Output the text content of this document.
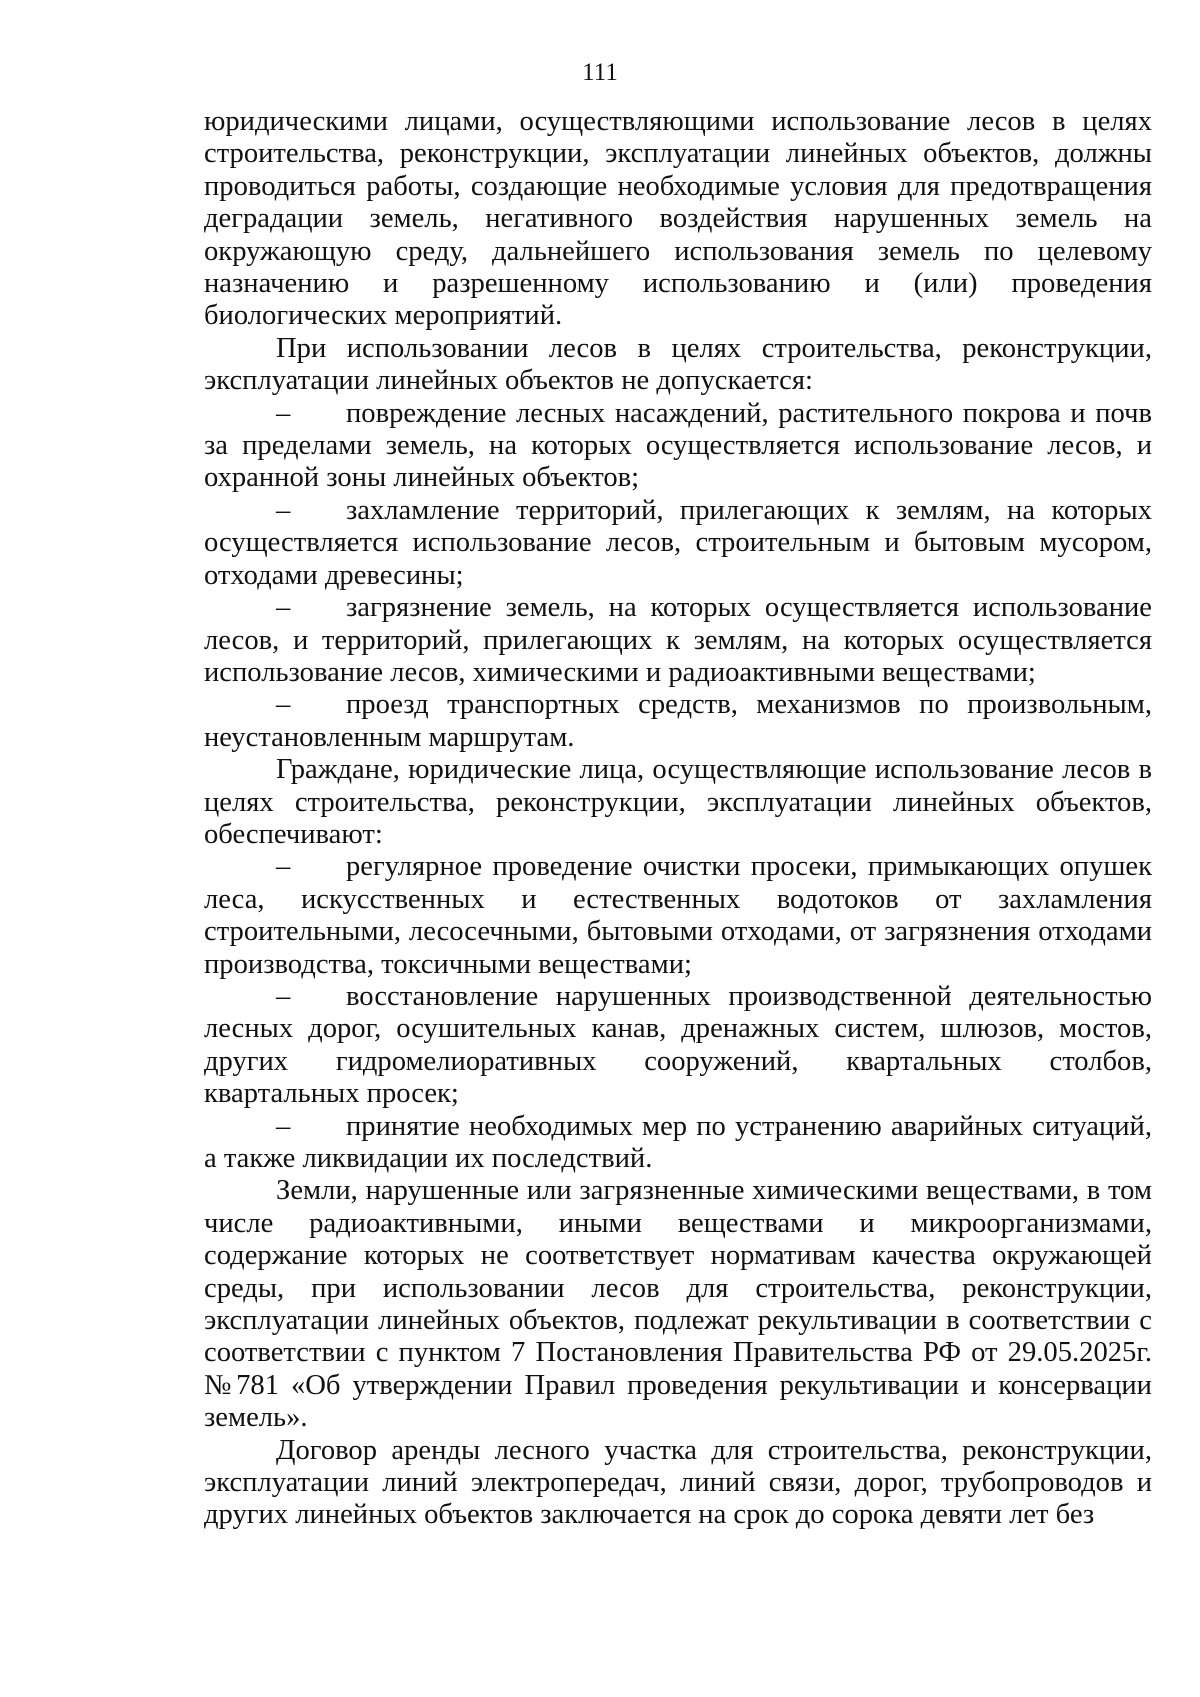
111

юридическими лицами, осуществляющими использование лесов в целях строительства, реконструкции, эксплуатации линейных объектов, должны проводиться работы, создающие необходимые условия для предотвращения деградации земель, негативного воздействия нарушенных земель на окружающую среду, дальнейшего использования земель по целевому назначению и разрешенному использованию и (или) проведения биологических мероприятий.

При использовании лесов в целях строительства, реконструкции, эксплуатации линейных объектов не допускается:

– повреждение лесных насаждений, растительного покрова и почв за пределами земель, на которых осуществляется использование лесов, и охранной зоны линейных объектов;

– захламление территорий, прилегающих к землям, на которых осуществляется использование лесов, строительным и бытовым мусором, отходами древесины;

– загрязнение земель, на которых осуществляется использование лесов, и территорий, прилегающих к землям, на которых осуществляется использование лесов, химическими и радиоактивными веществами;

– проезд транспортных средств, механизмов по произвольным, неустановленным маршрутам.

Граждане, юридические лица, осуществляющие использование лесов в целях строительства, реконструкции, эксплуатации линейных объектов, обеспечивают:

– регулярное проведение очистки просеки, примыкающих опушек леса, искусственных и естественных водотоков от захламления строительными, лесосечными, бытовыми отходами, от загрязнения отходами производства, токсичными веществами;

– восстановление нарушенных производственной деятельностью лесных дорог, осушительных канав, дренажных систем, шлюзов, мостов, других гидромелиоративных сооружений, квартальных столбов, квартальных просек;

– принятие необходимых мер по устранению аварийных ситуаций, а также ликвидации их последствий.

Земли, нарушенные или загрязненные химическими веществами, в том числе радиоактивными, иными веществами и микроорганизмами, содержание которых не соответствует нормативам качества окружающей среды, при использовании лесов для строительства, реконструкции, эксплуатации линейных объектов, подлежат рекультивации в соответствии с соответствии с пунктом 7 Постановления Правительства РФ от 29.05.2025г. №781 «Об утверждении Правил проведения рекультивации и консервации земель».

Договор аренды лесного участка для строительства, реконструкции, эксплуатации линий электропередач, линий связи, дорог, трубопроводов и других линейных объектов заключается на срок до сорока девяти лет без
